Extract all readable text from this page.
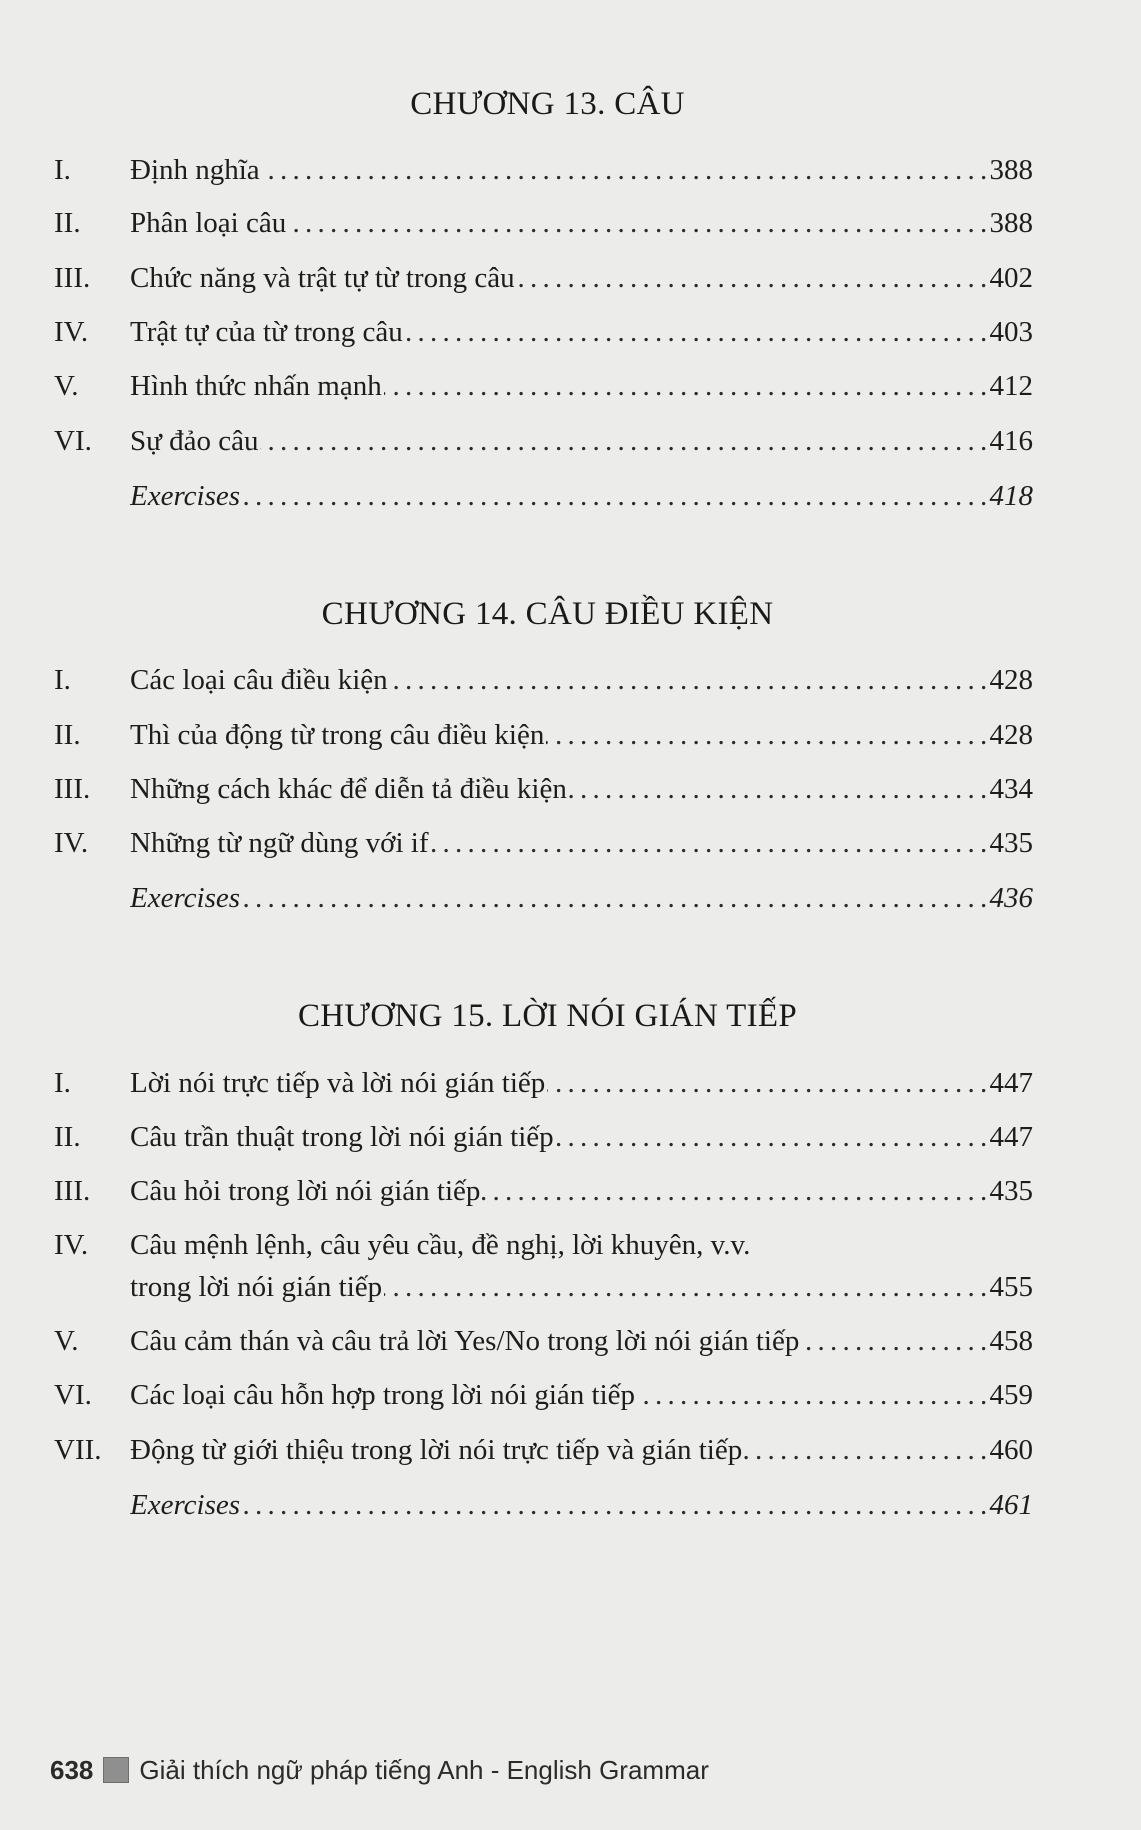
CHƯƠNG 13. CÂU
I. Định nghĩa . . .	388
II. Phân loại câu . . .	388
III. Chức năng và trật tự từ trong câu . . .	402
IV. Trật tự của từ trong câu . . .	403
V. Hình thức nhấn mạnh . . .	412
VI. Sự đảo câu . . .	416
Exercises . . .	418
CHƯƠNG 14. CÂU ĐIỀU KIỆN
I. Các loại câu điều kiện . . .	428
II. Thì của động từ trong câu điều kiện . . .	428
III. Những cách khác để diễn tả điều kiện . . .	434
IV. Những từ ngữ dùng với if . . .	435
Exercises . . .	436
CHƯƠNG 15. LỜI NÓI GIÁN TIẾP
I. Lời nói trực tiếp và lời nói gián tiếp . . .	447
II. Câu trần thuật trong lời nói gián tiếp . . .	447
III. Câu hỏi trong lời nói gián tiếp . . .	435
IV. Câu mệnh lệnh, câu yêu cầu, đề nghị, lời khuyên, v.v.
trong lời nói gián tiếp . . .	455
V. Câu cảm thán và câu trả lời Yes/No trong lời nói gián tiếp . . .	458
VI. Các loại câu hỗn hợp trong lời nói gián tiếp . . .	459
VII. Động từ giới thiệu trong lời nói trực tiếp và gián tiếp . . .	460
Exercises . . .	461
638 Giải thích ngữ pháp tiếng Anh - English Grammar
